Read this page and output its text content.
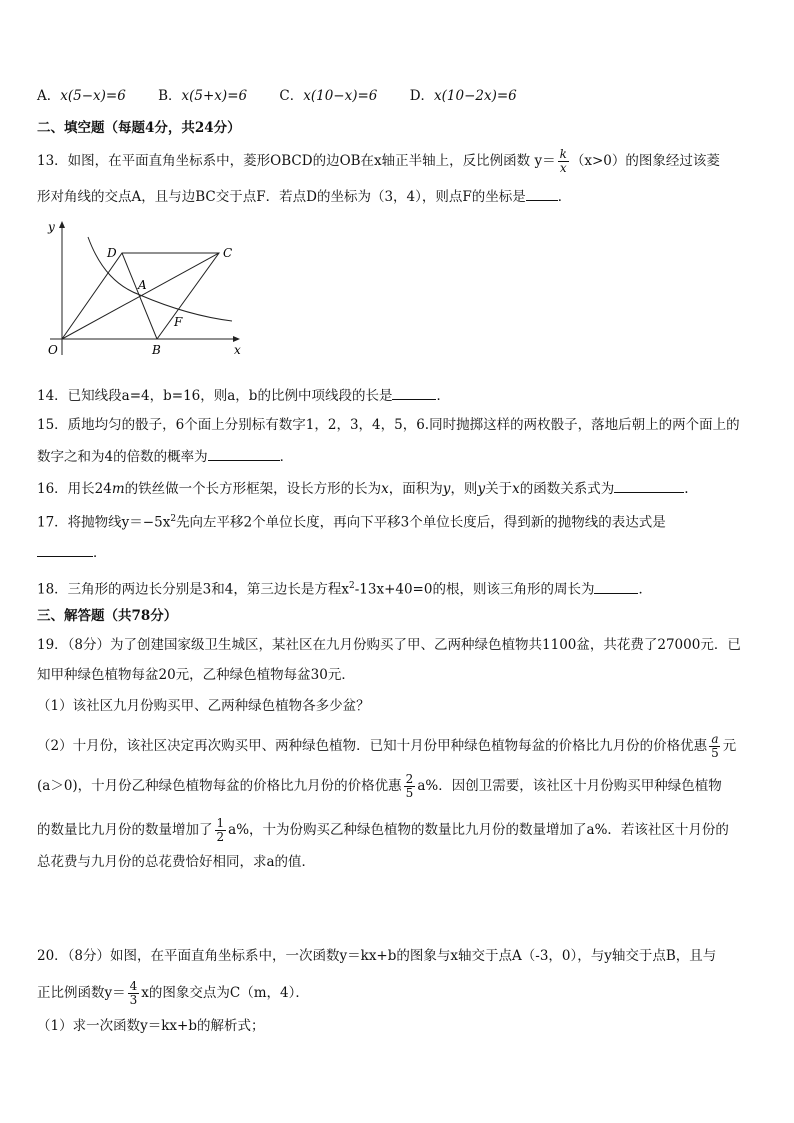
A．x(5−x)=6 B．x(5+x)=6 C．x(10−x)=6 D．x(10−2x)=6
二、填空题（每题4分，共24分）
13．如图，在平面直角坐标系中，菱形OBCD的边OB在x轴正半轴上，反比例函数 $y= \frac{k}{x} (x>0)$的图象经过该菱
形对角线的交点A，且与边BC交于点F．若点D的坐标为（3，4），则点F的坐标是 ．
y
D	C
A
F
O	B	x
14．已知线段a=4，b=16，则a，b的比例中项线段的长是	．
15．质地均匀的骰子，6个面上分别标有数字1，2，3，4，5，6.同时抛掷这样的两枚骰子，落地后朝上的两个面上的
数字之和为4的倍数的概率为	．
16．用长24m的铁丝做一个长方形框架，设长方形的长为x，面积为y，则y关于x的函数关系式为	.
17．将抛物线$y=-5x^2$先向左平移2个单位长度，再向下平移3个单位长度后，得到新的抛物线的表达式是
．
18．三角形的两边长分别是3和4，第三边长是方程$x^2-13x+40=0$的根，则该三角形的周长为	．
三、解答题（共78分）
19．（8分）为了创建国家级卫生城区，某社区在九月份购买了甲、乙两种绿色植物共1100盆，共花费了27000元．已
知甲种绿色植物每盆20元，乙种绿色植物每盆30元．
（1）该社区九月份购买甲、乙两种绿色植物各多少盆？
（2）十月份，该社区决定再次购买甲、两种绿色植物．已知十月份甲种绿色植物每盆的价格比九月份的价格优惠 $\frac{a}{5}$ 元
(a＞0)，十月份乙种绿色植物每盆的价格比九月份的价格优惠 $\frac{2}{5} a\%$．因创卫需要，该社区十月份购买甲种绿色植物
的数量比九月份的数量增加了 $\frac{1}{2} a\%$，十为份购买乙种绿色植物的数量比九月份的数量增加了a%．若该社区十月份的
总花费与九月份的总花费恰好相同，求a的值．
20．（8分）如图，在平面直角坐标系中，一次函数y＝kx+b的图象与x轴交于点A（-3，0），与y轴交于点B，且与
正比例函数$y= \frac{4}{3}$ x的图象交点为C（m，4）．
（1）求一次函数y＝kx+b的解析式；
